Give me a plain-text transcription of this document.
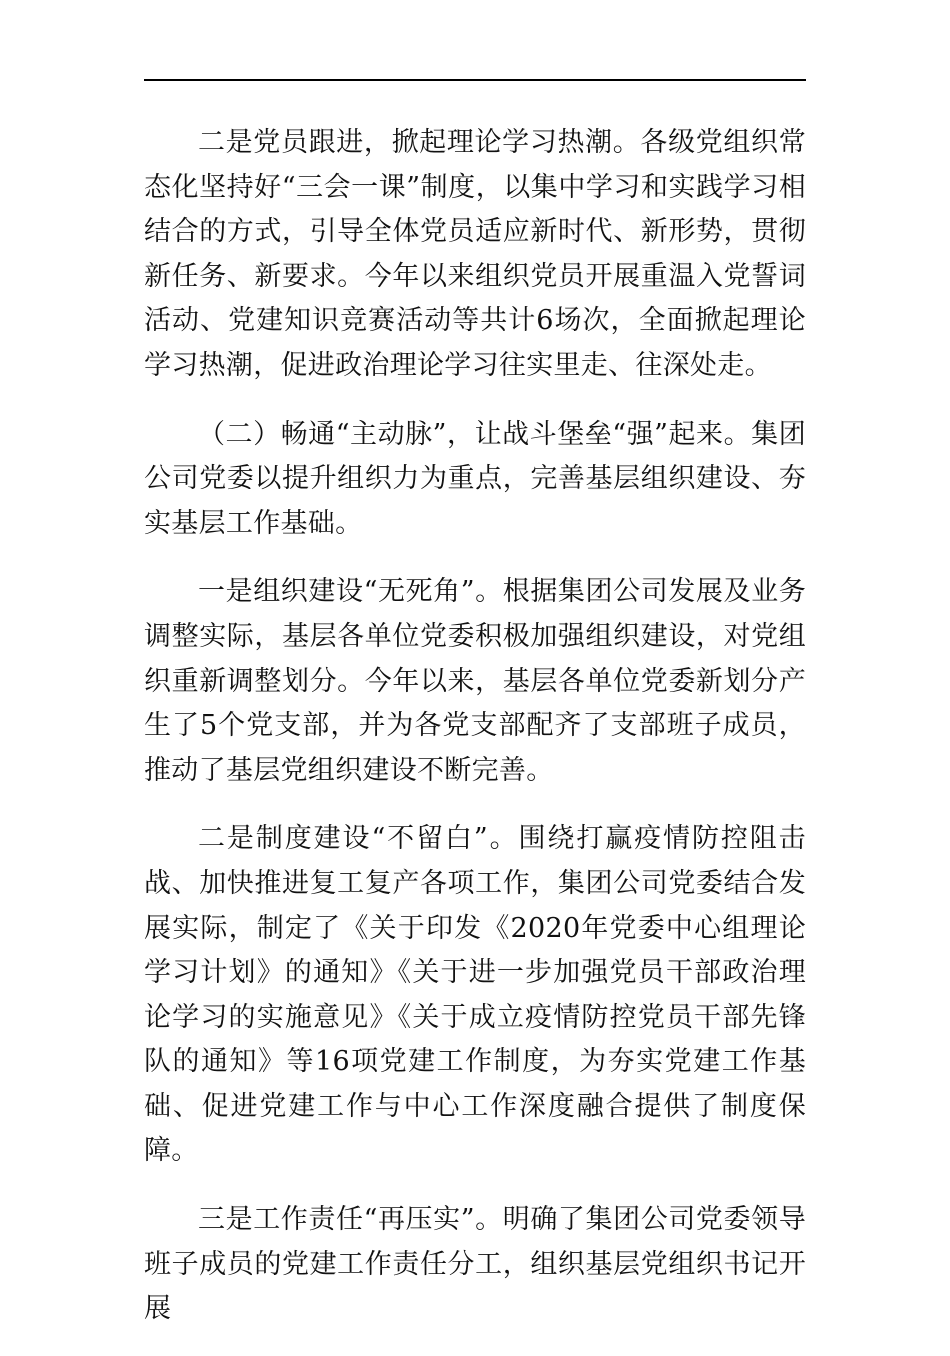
二是党员跟进，掀起理论学习热潮。各级党组织常态化坚持好“三会一课”制度，以集中学习和实践学习相结合的方式，引导全体党员适应新时代、新形势，贯彻新任务、新要求。今年以来组织党员开展重温入党誓词活动、党建知识竞赛活动等共计6场次，全面掀起理论学习热潮，促进政治理论学习往实里走、往深处走。

（二）畅通“主动脉”，让战斗堡垒“强”起来。集团公司党委以提升组织力为重点，完善基层组织建设、夯实基层工作基础。

一是组织建设“无死角”。根据集团公司发展及业务调整实际，基层各单位党委积极加强组织建设，对党组织重新调整划分。今年以来，基层各单位党委新划分产生了5个党支部，并为各党支部配齐了支部班子成员，推动了基层党组织建设不断完善。

二是制度建设“不留白”。围绕打赢疫情防控阻击战、加快推进复工复产各项工作，集团公司党委结合发展实际，制定了《关于印发《2020年党委中心组理论学习计划》的通知》《关于进一步加强党员干部政治理论学习的实施意见》《关于成立疫情防控党员干部先锋队的通知》等16项党建工作制度，为夯实党建工作基础、促进党建工作与中心工作深度融合提供了制度保障。

三是工作责任“再压实”。明确了集团公司党委领导班子成员的党建工作责任分工，组织基层党组织书记开展
